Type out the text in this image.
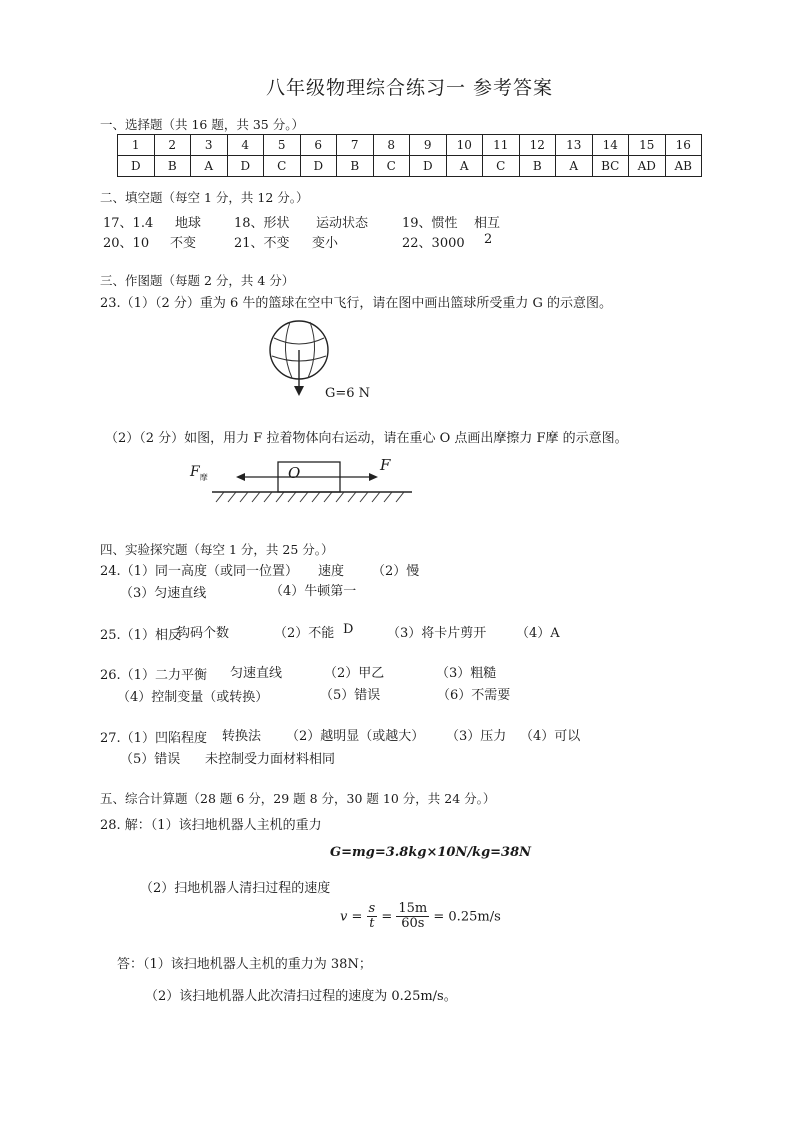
八年级物理综合练习一 参考答案
一、选择题（共 16 题，共 35 分。）
1	2	3	4	5	6	7	8	9	10	11	12	13	14	15	16
D	B	A	D	C	D	B	C	D	A	C	B	A	BC	AD	AB
二、填空题（每空 1 分，共 12 分。）
17、1.4 地球	18、形状 运动状态	19、惯性 相互
20、10 不变	21、不变 变小	22、3000 2
三、作图题（每题 2 分，共 4 分）
23.（1）（2 分）重为 6 牛的篮球在空中飞行，请在图中画出篮球所受重力 G 的示意图。
G=6 N
（2）（2 分）如图，用力 F 拉着物体向右运动，请在重心 O 点画出摩擦力 F摩 的示意图。
$F_摩$	O	F
四、实验探究题（每空 1 分，共 25 分。）
24.（1）同一高度（或同一位置） 速度 （2）慢
（3）匀速直线	（4）牛顿第一
25.（1）相反
钩码个数	（2）不能 D	（3）将卡片剪开 （4）A
26.（1）二力平衡 匀速直线	（2）甲乙	（3）粗糙
（4）控制变量（或转换）	（5）错误	（6）不需要
27.（1）凹陷程度 转换法 （2）越明显（或越大） （3）压力 （4）可以
（5）错误 未控制受力面材料相同
五、综合计算题（28 题 6 分，29 题 8 分，30 题 10 分，共 24 分。）
28. 解：（1）该扫地机器人主机的重力
G=mg=3.8kg×10N/kg=38N
（2）扫地机器人清扫过程的速度
$v = \frac{s}{t} = \frac{15m}{60s} = 0.25m/s$
答：（1）该扫地机器人主机的重力为 38N；
（2）该扫地机器人此次清扫过程的速度为 0.25m/s。
